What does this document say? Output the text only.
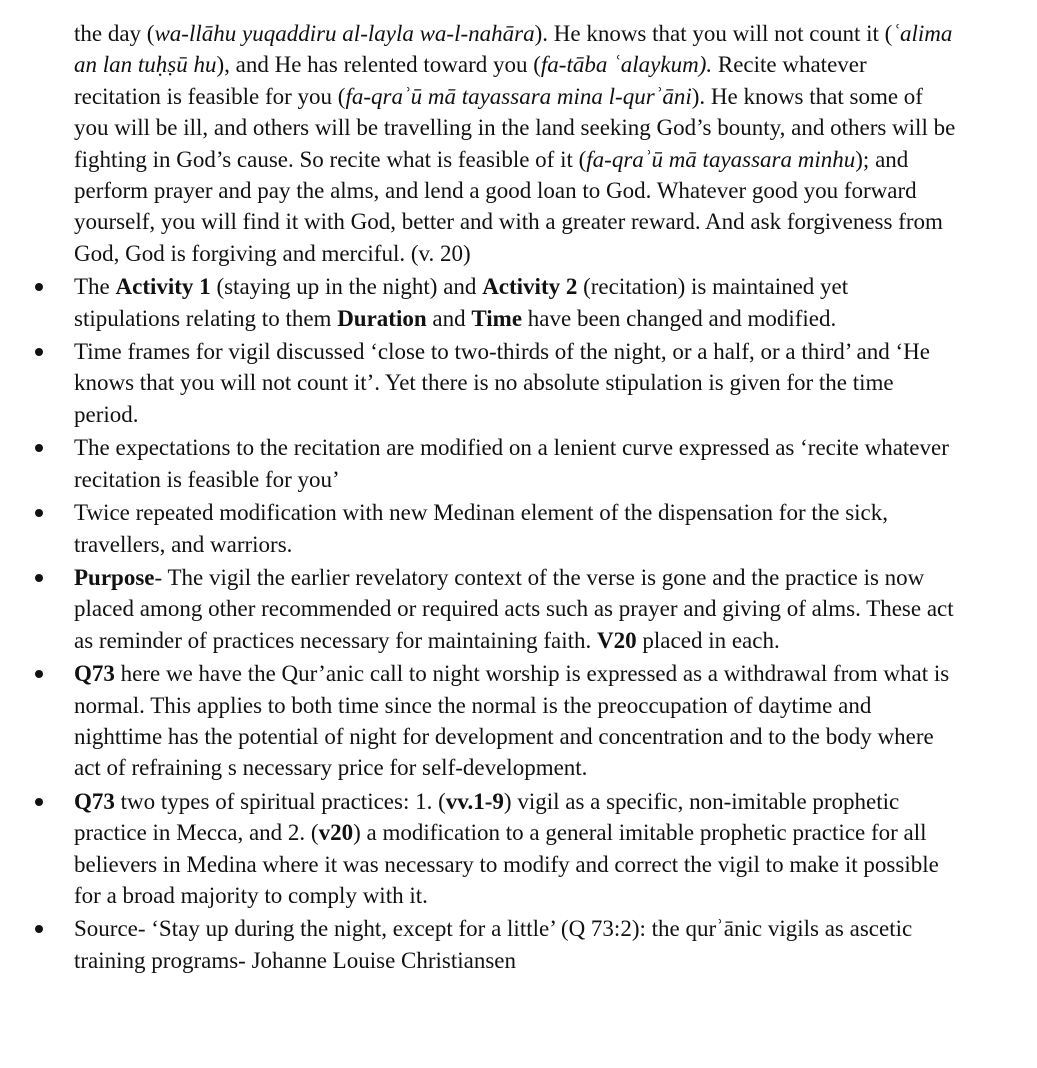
the day (wa-llāhu yuqaddiru al-layla wa-l-nahāra). He knows that you will not count it (ʿalima an lan tuḥṣū hu), and He has relented toward you (fa-tāba ʿalaykum). Recite whatever recitation is feasible for you (fa-qraʾū mā tayassara mina l-qurʾāni). He knows that some of you will be ill, and others will be travelling in the land seeking God’s bounty, and others will be fighting in God’s cause. So recite what is feasible of it (fa-qraʾū mā tayassara minhu); and perform prayer and pay the alms, and lend a good loan to God. Whatever good you forward yourself, you will find it with God, better and with a greater reward. And ask forgiveness from God, God is forgiving and merciful. (v. 20)

The Activity 1 (staying up in the night) and Activity 2 (recitation) is maintained yet stipulations relating to them Duration and Time have been changed and modified.
Time frames for vigil discussed ‘close to two-thirds of the night, or a half, or a third’ and ‘He knows that you will not count it’. Yet there is no absolute stipulation is given for the time period.
The expectations to the recitation are modified on a lenient curve expressed as ‘recite whatever recitation is feasible for you’
Twice repeated modification with new Medinan element of the dispensation for the sick, travellers, and warriors.
Purpose- The vigil the earlier revelatory context of the verse is gone and the practice is now placed among other recommended or required acts such as prayer and giving of alms. These act as reminder of practices necessary for maintaining faith. V20 placed in each.
Q73 here we have the Qur’anic call to night worship is expressed as a withdrawal from what is normal. This applies to both time since the normal is the preoccupation of daytime and nighttime has the potential of night for development and concentration and to the body where act of refraining s necessary price for self-development.
Q73 two types of spiritual practices: 1. (vv.1-9) vigil as a specific, non-imitable prophetic practice in Mecca, and 2. (v20) a modification to a general imitable prophetic practice for all believers in Medina where it was necessary to modify and correct the vigil to make it possible for a broad majority to comply with it.
Source- ‘Stay up during the night, except for a little’ (Q 73:2): the qurʾānic vigils as ascetic training programs- Johanne Louise Christiansen
